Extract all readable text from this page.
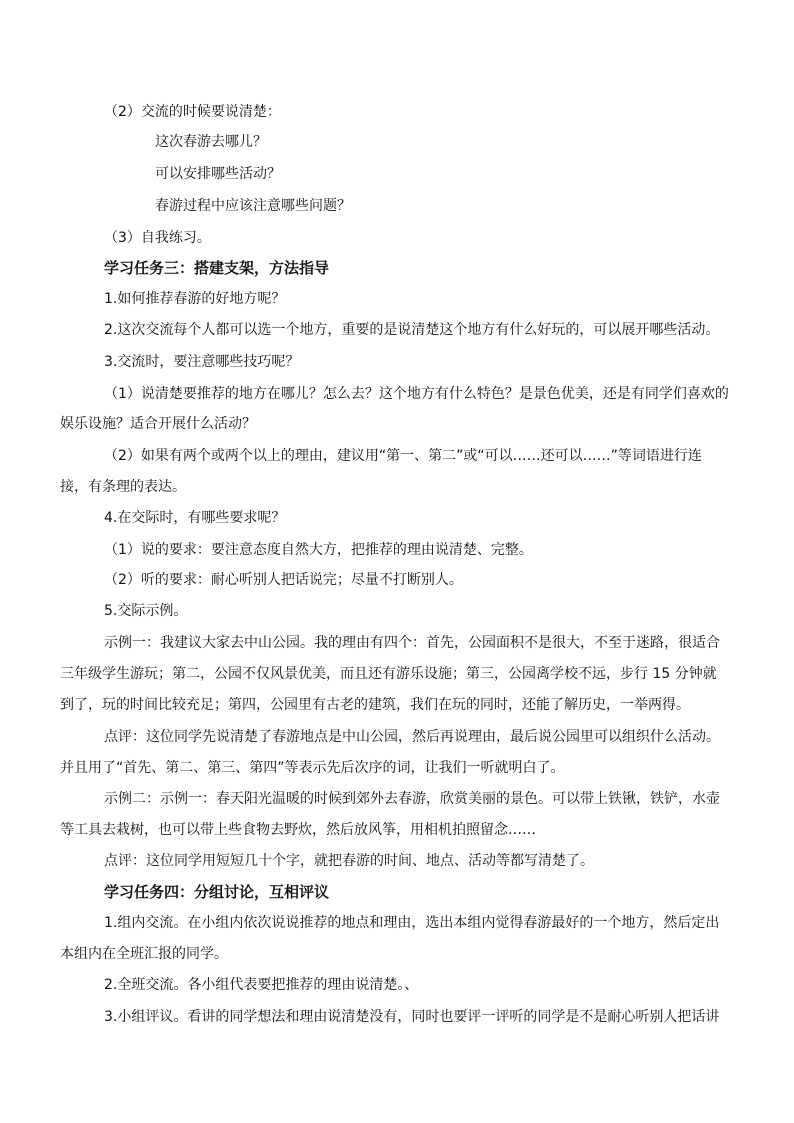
（2）交流的时候要说清楚：
这次春游去哪儿？
可以安排哪些活动？
春游过程中应该注意哪些问题？
（3）自我练习。
学习任务三：搭建支架，方法指导
1.如何推荐春游的好地方呢？
2.这次交流每个人都可以选一个地方，重要的是说清楚这个地方有什么好玩的，可以展开哪些活动。
3.交流时，要注意哪些技巧呢？
（1）说清楚要推荐的地方在哪儿？怎么去？这个地方有什么特色？是景色优美，还是有同学们喜欢的
娱乐设施？适合开展什么活动？
（2）如果有两个或两个以上的理由，建议用“第一、第二”或“可以……还可以……”等词语进行连
接，有条理的表达。
4.在交际时，有哪些要求呢？
（1）说的要求：要注意态度自然大方，把推荐的理由说清楚、完整。
（2）听的要求：耐心听别人把话说完；尽量不打断别人。
5.交际示例。
示例一：我建议大家去中山公园。我的理由有四个：首先，公园面积不是很大，不至于迷路，很适合
三年级学生游玩；第二，公园不仅风景优美，而且还有游乐设施；第三，公园离学校不远，步行 15 分钟就
到了，玩的时间比较充足；第四，公园里有古老的建筑，我们在玩的同时，还能了解历史，一举两得。
点评：这位同学先说清楚了春游地点是中山公园，然后再说理由，最后说公园里可以组织什么活动。
并且用了“首先、第二、第三、第四”等表示先后次序的词，让我们一听就明白了。
示例二：示例一：春天阳光温暖的时候到郊外去春游，欣赏美丽的景色。可以带上铁锹，铁铲，水壶
等工具去栽树，也可以带上些食物去野炊，然后放风筝，用相机拍照留念……
点评：这位同学用短短几十个字，就把春游的时间、地点、活动等都写清楚了。
学习任务四：分组讨论，互相评议
1.组内交流。在小组内依次说说推荐的地点和理由，选出本组内觉得春游最好的一个地方，然后定出
本组内在全班汇报的同学。
2.全班交流。各小组代表要把推荐的理由说清楚。、
3.小组评议。看讲的同学想法和理由说清楚没有，同时也要评一评听的同学是不是耐心听别人把话讲
